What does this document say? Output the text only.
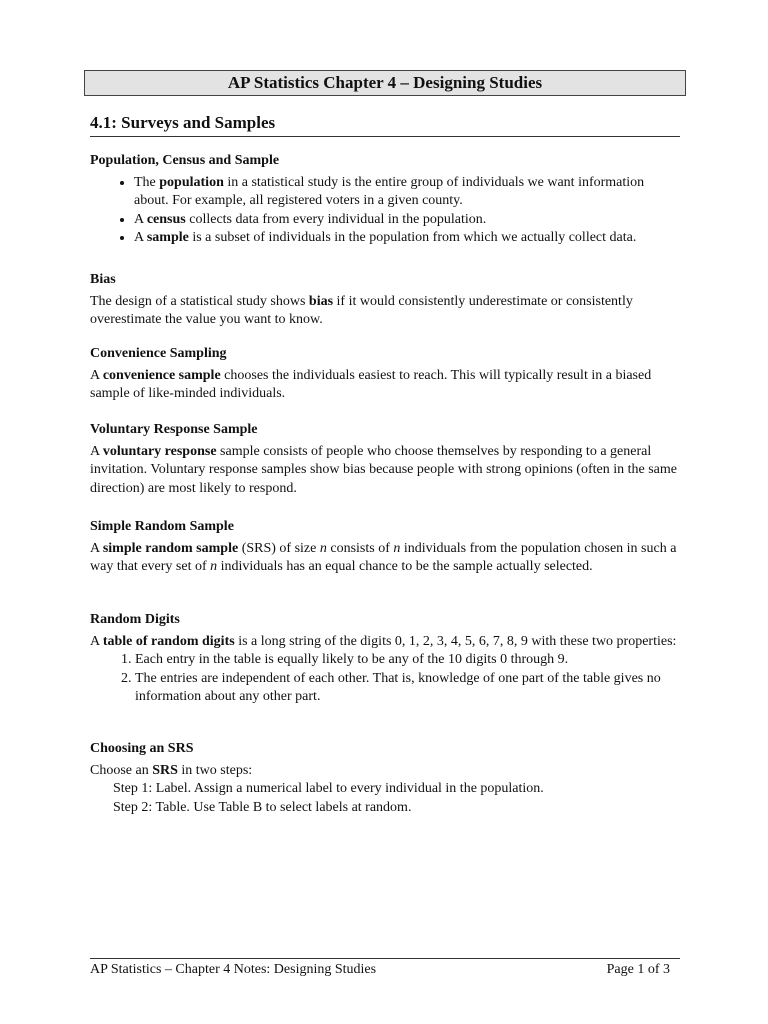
AP Statistics Chapter 4 – Designing Studies
4.1: Surveys and Samples

Population, Census and Sample

• The population in a statistical study is the entire group of individuals we want information about. For example, all registered voters in a given county.
• A census collects data from every individual in the population.
• A sample is a subset of individuals in the population from which we actually collect data.

Bias

The design of a statistical study shows bias if it would consistently underestimate or consistently overestimate the value you want to know.

Convenience Sampling

A convenience sample chooses the individuals easiest to reach. This will typically result in a biased sample of like-minded individuals.

Voluntary Response Sample

A voluntary response sample consists of people who choose themselves by responding to a general invitation. Voluntary response samples show bias because people with strong opinions (often in the same direction) are most likely to respond.

Simple Random Sample

A simple random sample (SRS) of size n consists of n individuals from the population chosen in such a way that every set of n individuals has an equal chance to be the sample actually selected.

Random Digits

A table of random digits is a long string of the digits 0, 1, 2, 3, 4, 5, 6, 7, 8, 9 with these two properties:

1. Each entry in the table is equally likely to be any of the 10 digits 0 through 9.
2. The entries are independent of each other. That is, knowledge of one part of the table gives no information about any other part.

Choosing an SRS

Choose an SRS in two steps:

Step 1: Label. Assign a numerical label to every individual in the population.

Step 2: Table. Use Table B to select labels at random.

AP Statistics – Chapter 4 Notes: Designing Studies	Page 1 of 3
